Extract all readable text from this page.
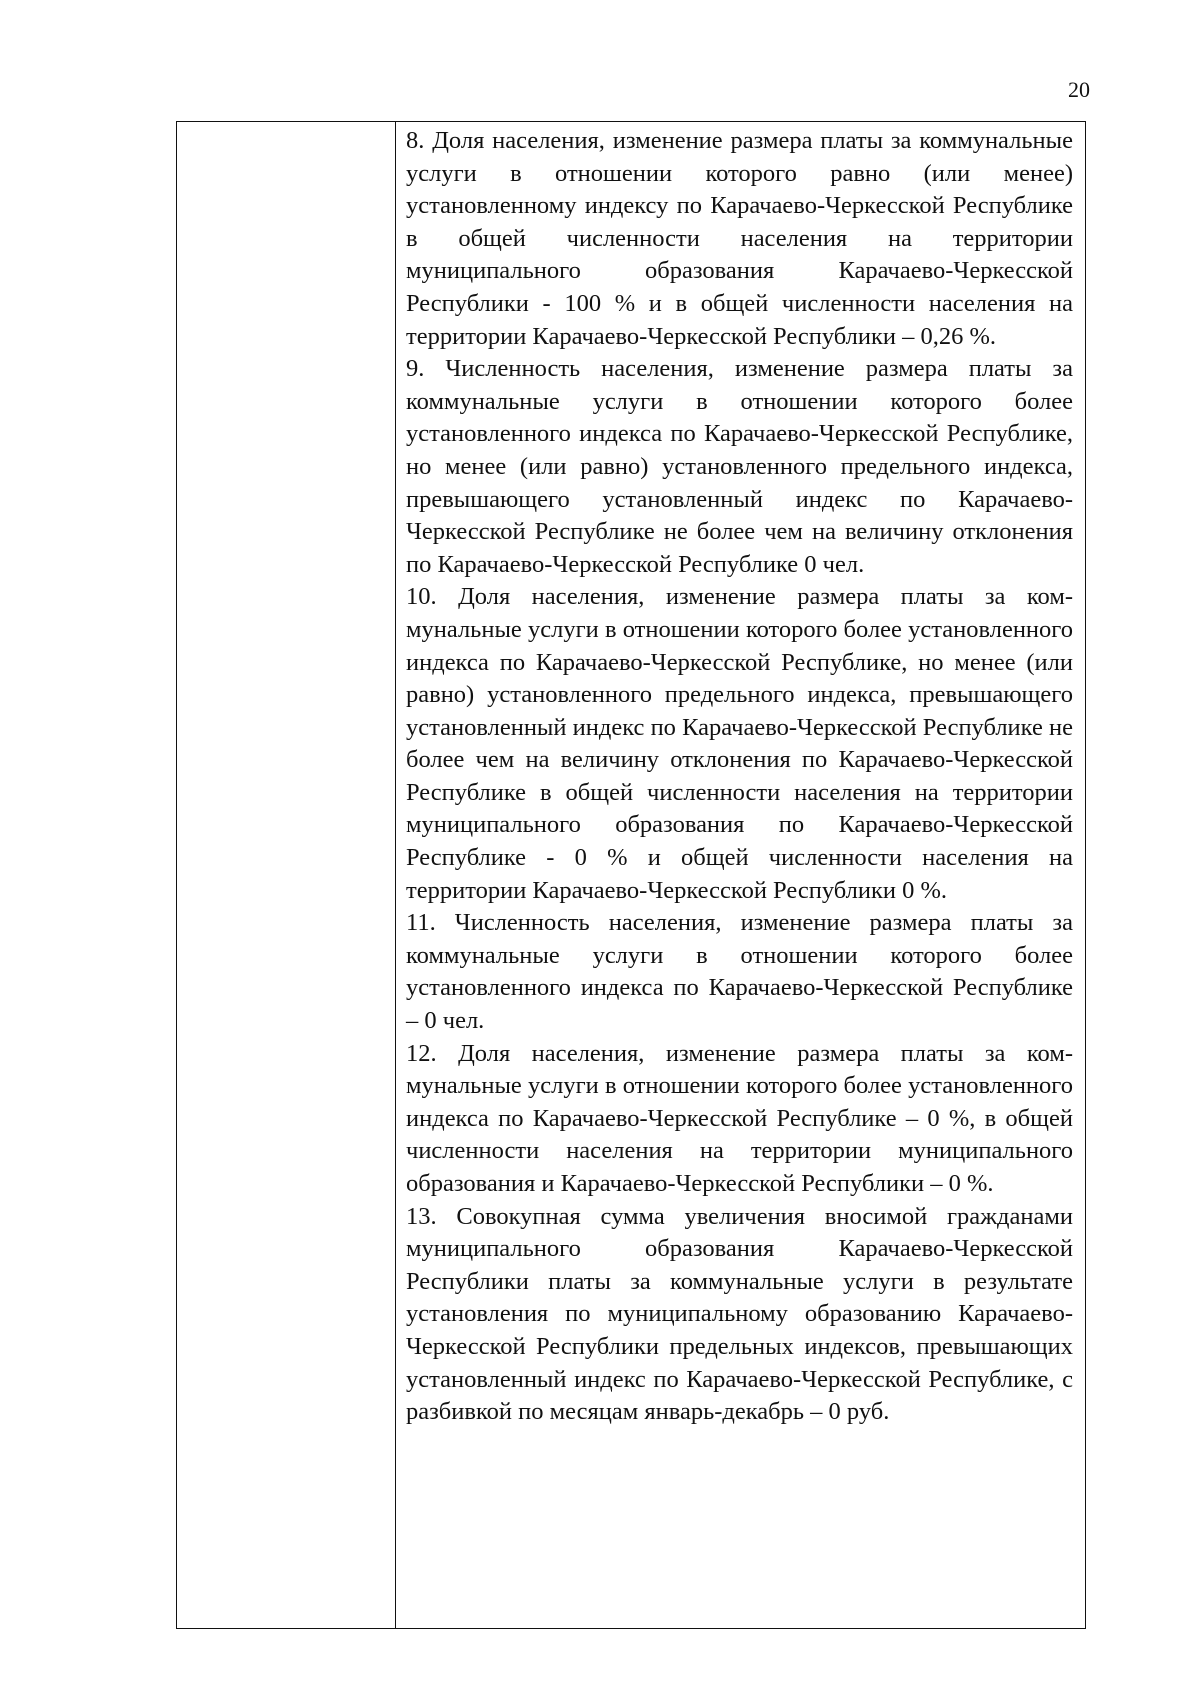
20

8. Доля населения, изменение размера платы за коммунальные услуги в отношении которого равно (или менее) установленному индексу по Карачаево-Черкесской Республике в общей численности населения на территории муниципального образования Карачаево-Черкесской Республики - 100 % и в общей численности населения на территории Карачаево-Черкесской Республики – 0,26 %.

9. Численность населения, изменение размера платы за коммунальные услуги в отношении которого более установленного индекса по Карачаево-Черкесской Республике, но менее (или равно) установленного предельного индекса, превышающего установленный индекс по Карачаево-Черкесской Республике не более чем на величину отклонения по Карачаево-Черкесской Республике 0 чел.

10. Доля населения, изменение размера платы за коммунальные услуги в отношении которого более установленного индекса по Карачаево-Черкесской Республике, но менее (или равно) установленного предельного индекса, превышающего установленный индекс по Карачаево-Черкесской Республике не более чем на величину отклонения по Карачаево-Черкесской Республике в общей численности населения на территории муниципального образования по Карачаево-Черкесской Республике - 0 % и общей численности населения на территории Карачаево-Черкесской Республики 0 %.

11. Численность населения, изменение размера платы за коммунальные услуги в отношении которого более установленного индекса по Карачаево-Черкесской Республике – 0 чел.

12. Доля населения, изменение размера платы за коммунальные услуги в отношении которого более установленного индекса по Карачаево-Черкесской Республике – 0 %, в общей численности населения на территории муниципального образования и Карачаево-Черкесской Республики – 0 %.

13. Совокупная сумма увеличения вносимой гражданами муниципального образования Карачаево-Черкесской Республики платы за коммунальные услуги в результате установления по муниципальному образованию Карачаево-Черкесской Республики предельных индексов, превышающих установленный индекс по Карачаево-Черкесской Республике, с разбивкой по месяцам январь-декабрь – 0 руб.
